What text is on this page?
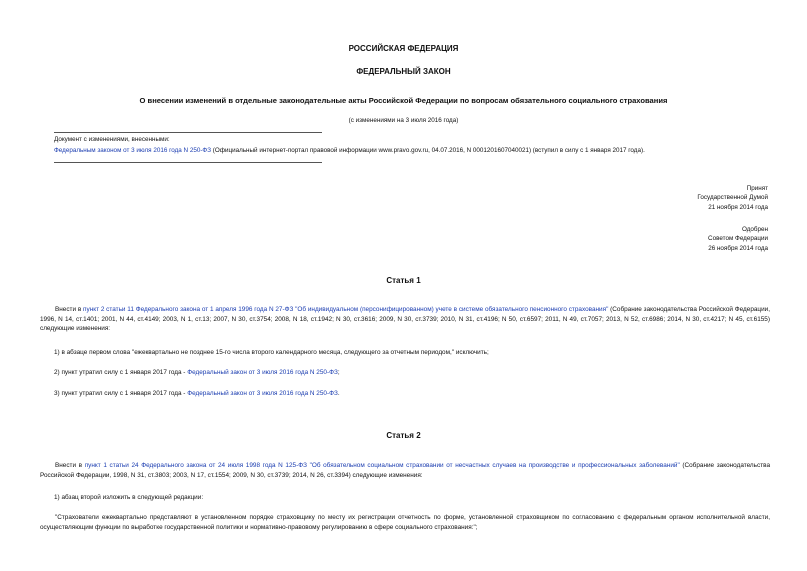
РОССИЙСКАЯ ФЕДЕРАЦИЯ
ФЕДЕРАЛЬНЫЙ ЗАКОН
О внесении изменений в отдельные законодательные акты Российской Федерации по вопросам обязательного социального страхования
(с изменениями на 3 июля 2016 года)
Документ с изменениями, внесенными:
Федеральным законом от 3 июля 2016 года N 250-ФЗ (Официальный интернет-портал правовой информации www.pravo.gov.ru, 04.07.2016, N 0001201607040021) (вступил в силу с 1 января 2017 года).
Принят
Государственной Думой
21 ноября 2014 года
Одобрен
Советом Федерации
26 ноября 2014 года
Статья 1
Внести в пункт 2 статьи 11 Федерального закона от 1 апреля 1996 года N 27-ФЗ "Об индивидуальном (персонифицированном) учете в системе обязательного пенсионного страхования" (Собрание законодательства Российской Федерации, 1996, N 14, ст.1401; 2001, N 44, ст.4149; 2003, N 1, ст.13; 2007, N 30, ст.3754; 2008, N 18, ст.1942; N 30, ст.3616; 2009, N 30, ст.3739; 2010, N 31, ст.4196; N 50, ст.6597; 2011, N 49, ст.7057; 2013, N 52, ст.6986; 2014, N 30, ст.4217; N 45, ст.6155) следующие изменения:
1) в абзаце первом слова "ежеквартально не позднее 15-го числа второго календарного месяца, следующего за отчетным периодом," исключить;
2) пункт утратил силу с 1 января 2017 года - Федеральный закон от 3 июля 2016 года N 250-ФЗ;
3) пункт утратил силу с 1 января 2017 года - Федеральный закон от 3 июля 2016 года N 250-ФЗ.
Статья 2
Внести в пункт 1 статьи 24 Федерального закона от 24 июля 1998 года N 125-ФЗ "Об обязательном социальном страховании от несчастных случаев на производстве и профессиональных заболеваний" (Собрание законодательства Российской Федерации, 1998, N 31, ст.3803; 2003, N 17, ст.1554; 2009, N 30, ст.3739; 2014, N 26, ст.3394) следующие изменения:
1) абзац второй изложить в следующей редакции:
"Страхователи ежеквартально представляют в установленном порядке страховщику по месту их регистрации отчетность по форме, установленной страховщиком по согласованию с федеральным органом исполнительной власти, осуществляющим функции по выработке государственной политики и нормативно-правовому регулированию в сфере социального страхования:";
